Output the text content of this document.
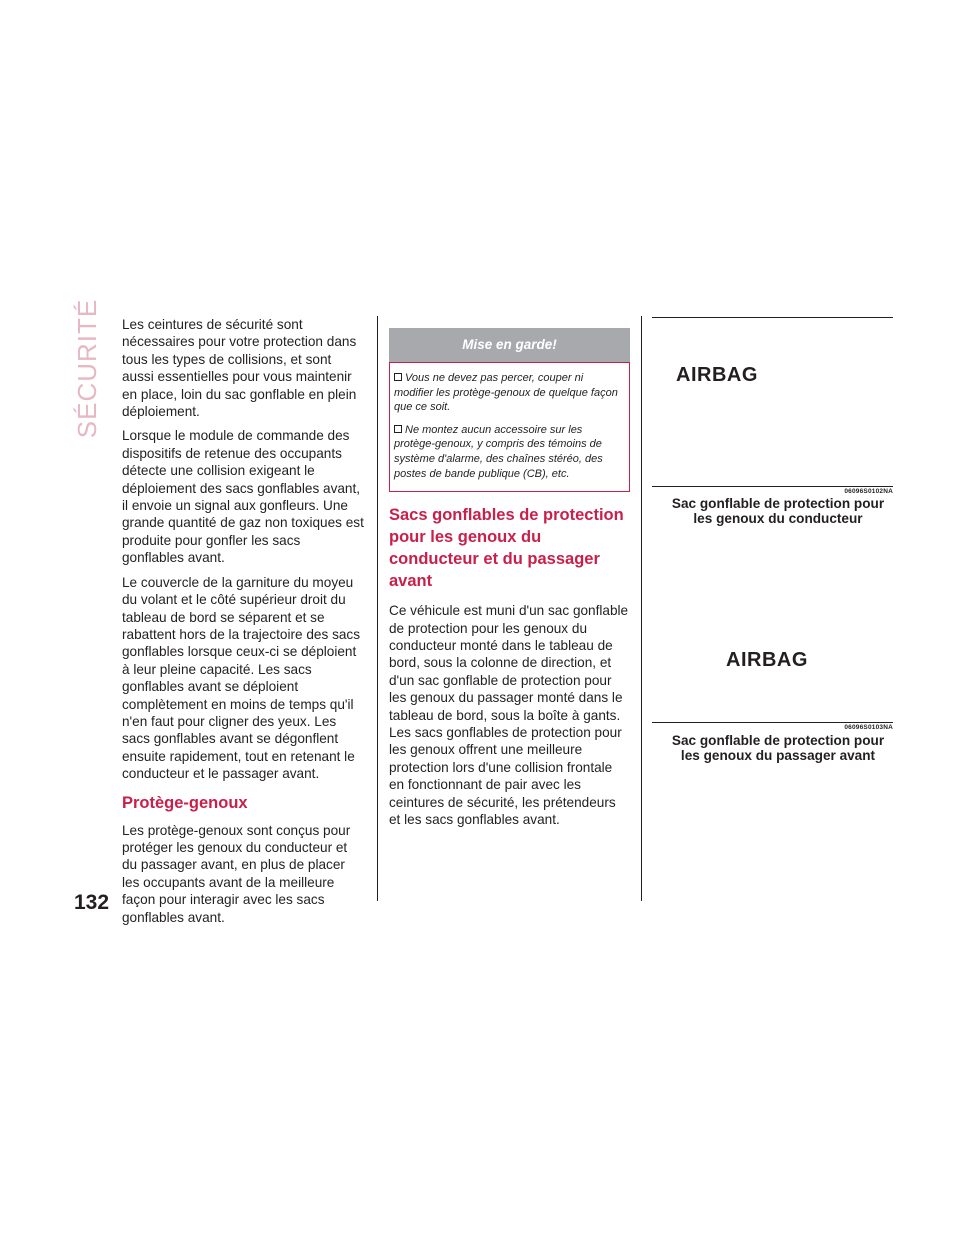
SÉCURITÉ Les ceintures de sécurité sont nécessaires pour votre protection dans tous les types de collisions, et sont aussi essentielles pour vous maintenir en place, loin du sac gonflable en plein déploiement.

Lorsque le module de commande des dispositifs de retenue des occupants détecte une collision exigeant le déploiement des sacs gonflables avant, il envoie un signal aux gonfleurs. Une grande quantité de gaz non toxiques est produite pour gonfler les sacs gonflables avant.

Le couvercle de la garniture du moyeu du volant et le côté supérieur droit du tableau de bord se séparent et se rabattent hors de la trajectoire des sacs gonflables lorsque ceux-ci se déploient à leur pleine capacité. Les sacs gonflables avant se déploient complètement en moins de temps qu'il n'en faut pour cligner des yeux. Les sacs gonflables avant se dégonflent ensuite rapidement, tout en retenant le conducteur et le passager avant.

Protège-genoux

Les protège-genoux sont conçus pour protéger les genoux du conducteur et du passager avant, en plus de placer les occupants avant de la meilleure façon pour interagir avec les sacs gonflables avant.

Mise en garde!
Vous ne devez pas percer, couper ni modifier les protège-genoux de quelque façon que ce soit.
Ne montez aucun accessoire sur les protège-genoux, y compris des témoins de système d'alarme, des chaînes stéréo, des postes de bande publique (CB), etc.
Sacs gonflables de protection pour les genoux du conducteur et du passager avant

Ce véhicule est muni d'un sac gonflable de protection pour les genoux du conducteur monté dans le tableau de bord, sous la colonne de direction, et d'un sac gonflable de protection pour les genoux du passager monté dans le tableau de bord, sous la boîte à gants. Les sacs gonflables de protection pour les genoux offrent une meilleure protection lors d'une collision frontale en fonctionnant de pair avec les ceintures de sécurité, les prétendeurs et les sacs gonflables avant.

AIRBAG
06096S0102NA
Sac gonflable de protection pour
les genoux du conducteur
AIRBAG
06096S0103NA
Sac gonflable de protection pour
les genoux du passager avant
132
